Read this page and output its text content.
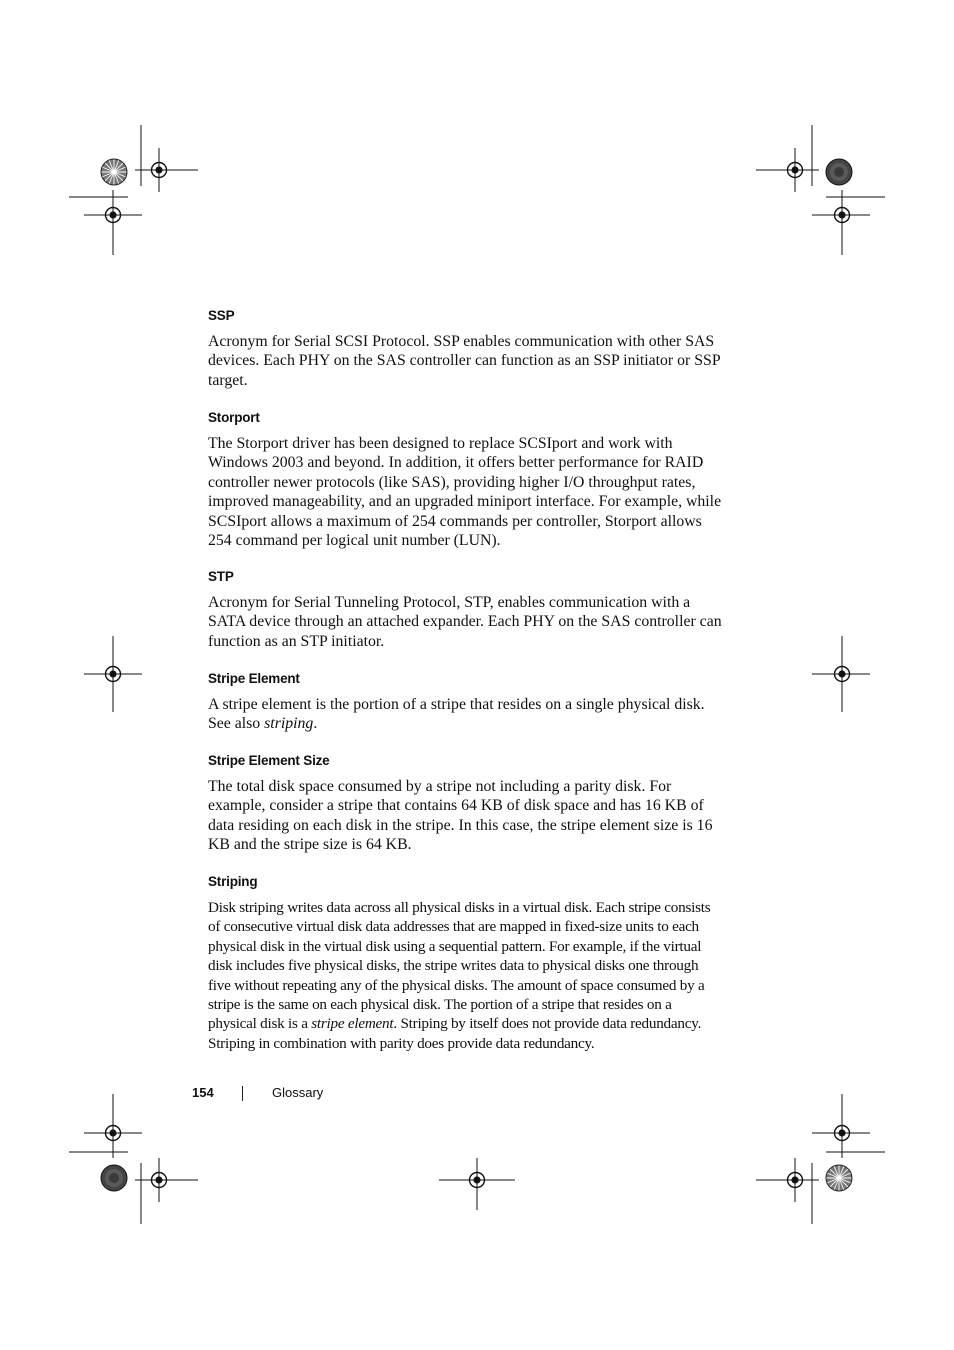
SSP

Acronym for Serial SCSI Protocol. SSP enables communication with other SAS devices. Each PHY on the SAS controller can function as an SSP initiator or SSP target.

Storport

The Storport driver has been designed to replace SCSIport and work with Windows 2003 and beyond. In addition, it offers better performance for RAID controller newer protocols (like SAS), providing higher I/O throughput rates, improved manageability, and an upgraded miniport interface. For example, while SCSIport allows a maximum of 254 commands per controller, Storport allows 254 command per logical unit number (LUN).

STP

Acronym for Serial Tunneling Protocol, STP, enables communication with a SATA device through an attached expander. Each PHY on the SAS controller can function as an STP initiator.

Stripe Element

A stripe element is the portion of a stripe that resides on a single physical disk. See also striping.

Stripe Element Size

The total disk space consumed by a stripe not including a parity disk. For example, consider a stripe that contains 64 KB of disk space and has 16 KB of data residing on each disk in the stripe. In this case, the stripe element size is 16 KB and the stripe size is 64 KB.

Striping

Disk striping writes data across all physical disks in a virtual disk. Each stripe consists of consecutive virtual disk data addresses that are mapped in fixed-size units to each physical disk in the virtual disk using a sequential pattern. For example, if the virtual disk includes five physical disks, the stripe writes data to physical disks one through five without repeating any of the physical disks. The amount of space consumed by a stripe is the same on each physical disk. The portion of a stripe that resides on a physical disk is a stripe element. Striping by itself does not provide data redundancy. Striping in combination with parity does provide data redundancy.

154	Glossary
